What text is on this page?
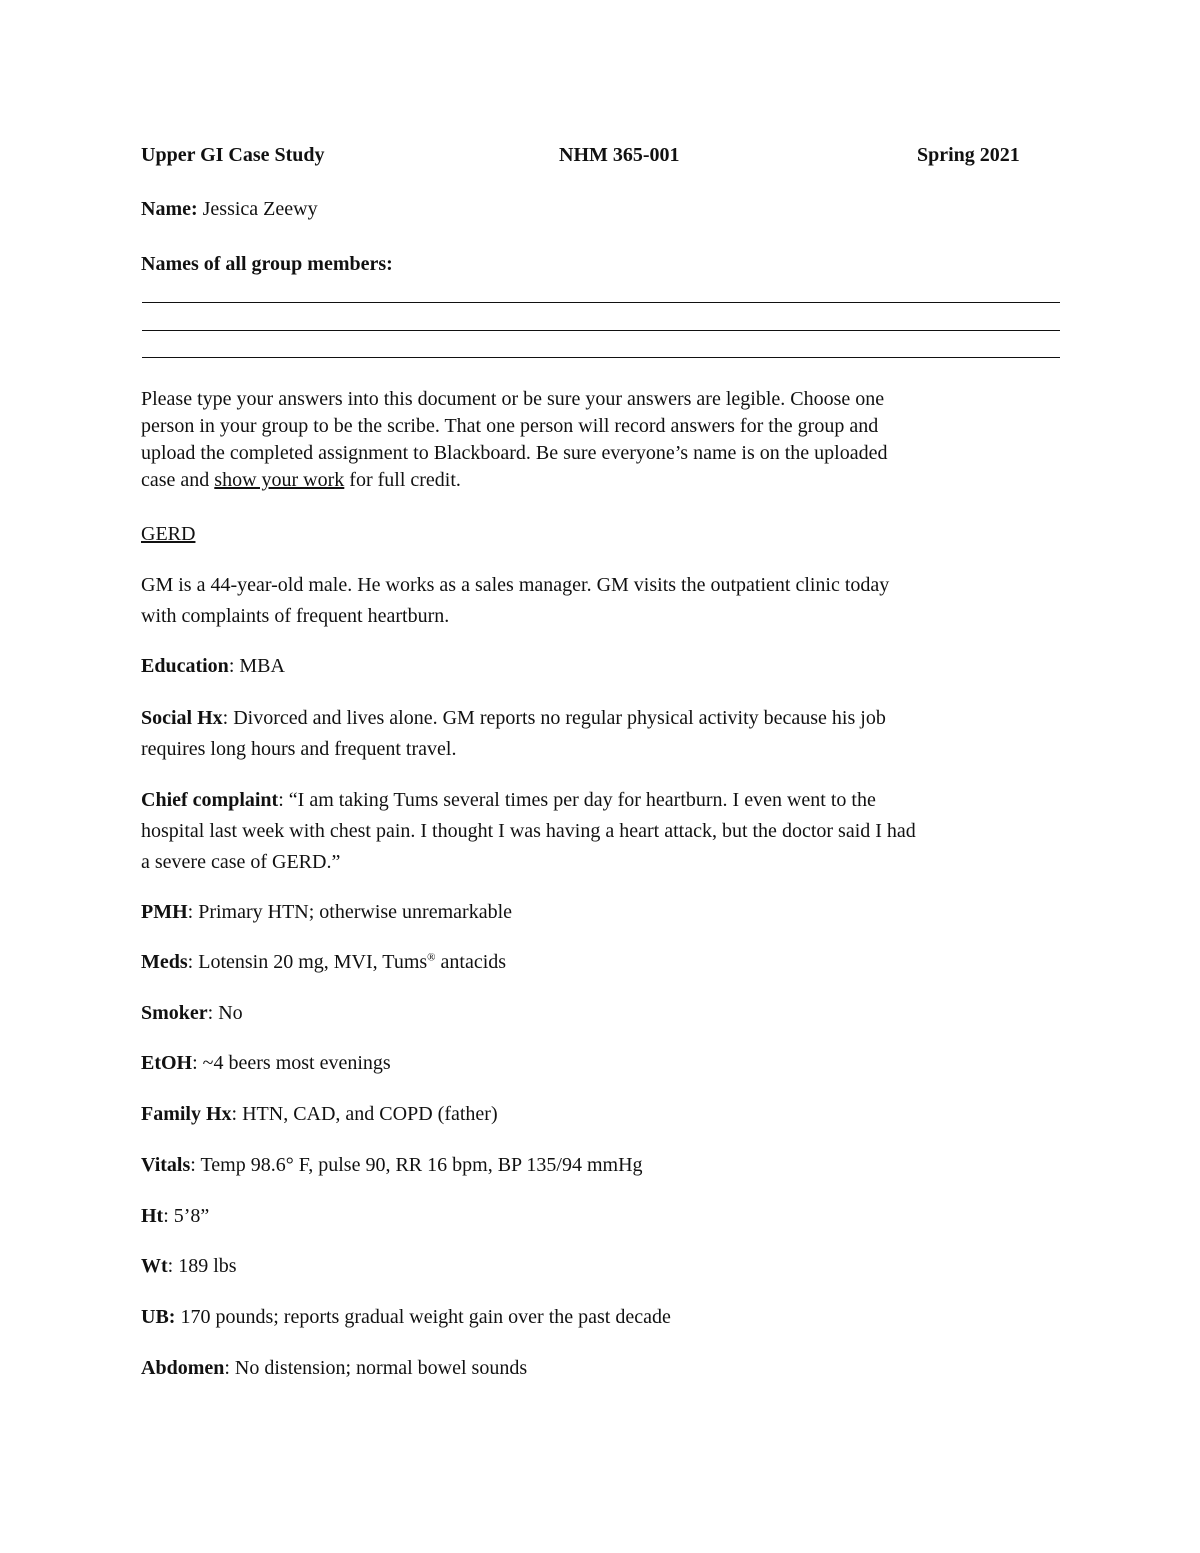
Upper GI Case Study	NHM 365-001	Spring 2021
Name: Jessica Zeewy
Names of all group members:
Please type your answers into this document or be sure your answers are legible. Choose one
person in your group to be the scribe. That one person will record answers for the group and
upload the completed assignment to Blackboard. Be sure everyone’s name is on the uploaded
case and show your work for full credit.
GERD
GM is a 44-year-old male. He works as a sales manager. GM visits the outpatient clinic today
with complaints of frequent heartburn.
Education: MBA
Social Hx: Divorced and lives alone. GM reports no regular physical activity because his job
requires long hours and frequent travel.
Chief complaint: “I am taking Tums several times per day for heartburn. I even went to the
hospital last week with chest pain. I thought I was having a heart attack, but the doctor said I had
a severe case of GERD.”
PMH: Primary HTN; otherwise unremarkable
Meds: Lotensin 20 mg, MVI, Tums® antacids
Smoker: No
EtOH: ~4 beers most evenings
Family Hx: HTN, CAD, and COPD (father)
Vitals: Temp 98.6° F, pulse 90, RR 16 bpm, BP 135/94 mmHg
Ht: 5’8”
Wt: 189 lbs
UB: 170 pounds; reports gradual weight gain over the past decade
Abdomen: No distension; normal bowel sounds
